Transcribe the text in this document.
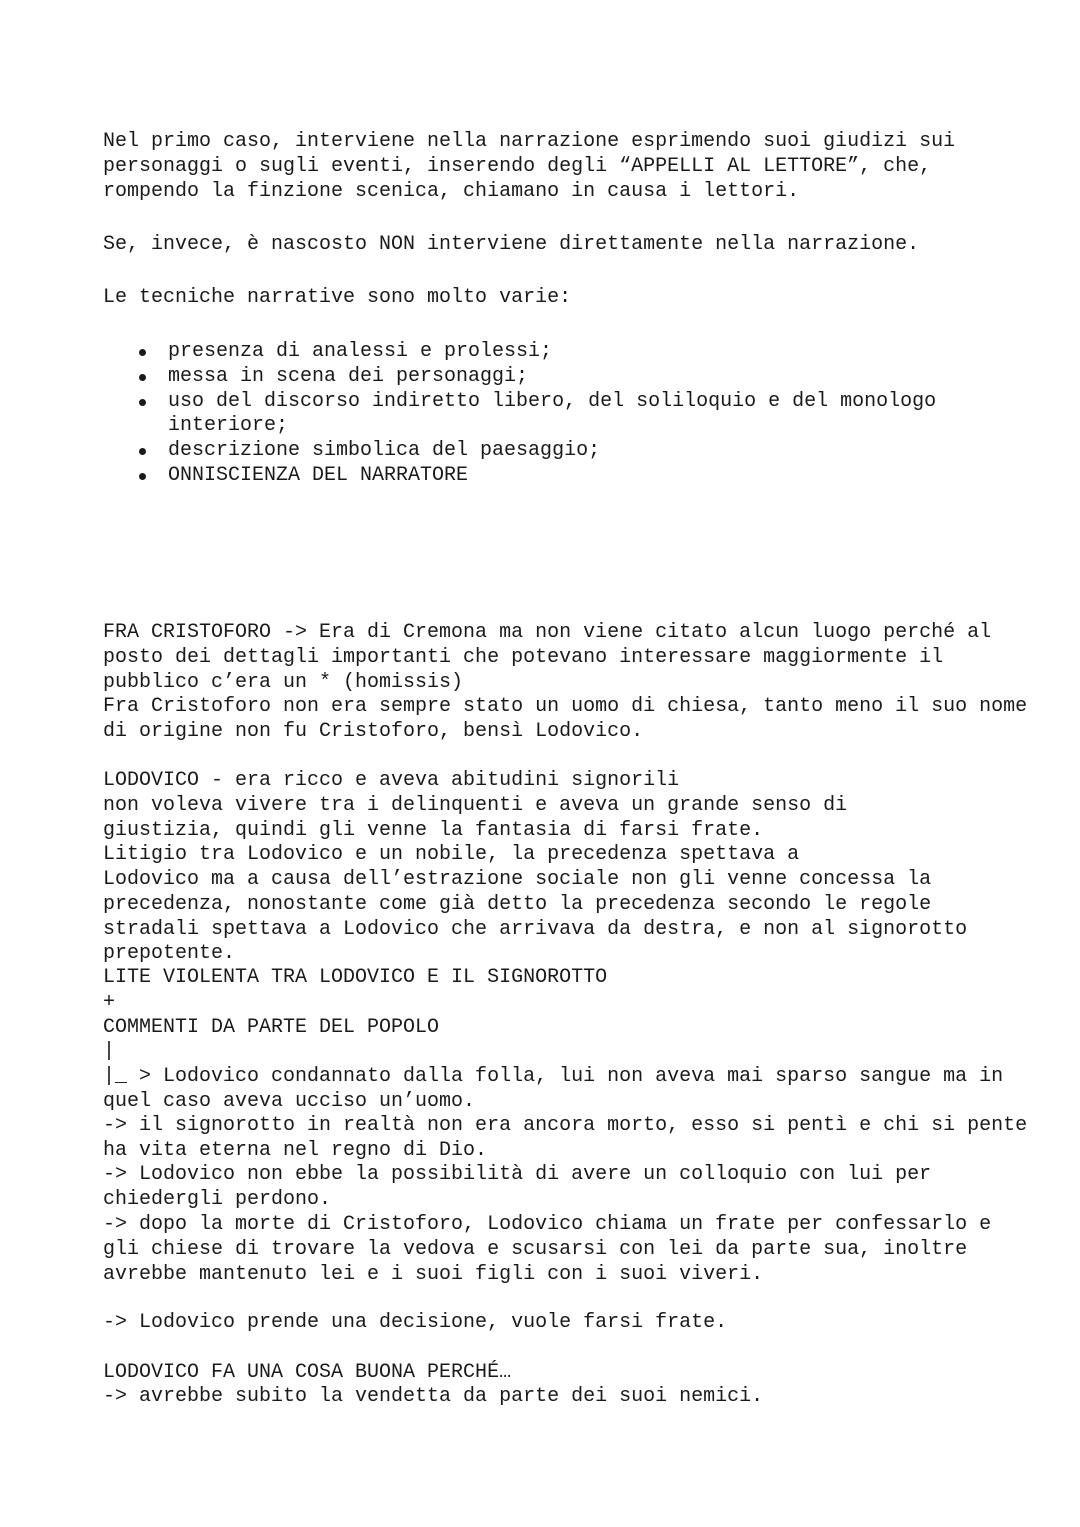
Nel primo caso, interviene nella narrazione esprimendo suoi giudizi sui personaggi o sugli eventi, inserendo degli “APPELLI AL LETTORE”, che, rompendo la finzione scenica, chiamano in causa i lettori.

Se, invece, è nascosto NON interviene direttamente nella narrazione.

Le tecniche narrative sono molto varie:

presenza di analessi e prolessi;
messa in scena dei personaggi;
uso del discorso indiretto libero, del soliloquio e del monologo interiore;
descrizione simbolica del paesaggio;
ONNISCIENZA DEL NARRATORE

FRA CRISTOFORO -> Era di Cremona ma non viene citato alcun luogo perché al posto dei dettagli importanti che potevano interessare maggiormente il pubblico c’era un * (homissis)

Fra Cristoforo non era sempre stato un uomo di chiesa, tanto meno il suo nome di origine non fu Cristoforo, bensì Lodovico.

LODOVICO - era ricco e aveva abitudini signorili

non voleva vivere tra i delinquenti e aveva un grande senso di

giustizia, quindi gli venne la fantasia di farsi frate.

Litigio tra Lodovico e un nobile, la precedenza spettava a

Lodovico ma a causa dell’estrazione sociale non gli venne concessa la precedenza, nonostante come già detto la precedenza secondo le regole stradali spettava a Lodovico che arrivava da destra, e non al signorotto prepotente.

LITE VIOLENTA TRA LODOVICO E IL SIGNOROTTO

+

COMMENTI DA PARTE DEL POPOLO

|

|_ > Lodovico condannato dalla folla, lui non aveva mai sparso sangue ma in quel caso aveva ucciso un’uomo.

-> il signorotto in realtà non era ancora morto, esso si pentì e chi si pente ha vita eterna nel regno di Dio.

-> Lodovico non ebbe la possibilità di avere un colloquio con lui per chiedergli perdono.

-> dopo la morte di Cristoforo, Lodovico chiama un frate per confessarlo e gli chiese di trovare la vedova e scusarsi con lei da parte sua, inoltre avrebbe mantenuto lei e i suoi figli con i suoi viveri.

-> Lodovico prende una decisione, vuole farsi frate.

LODOVICO FA UNA COSA BUONA PERCHÉ…

-> avrebbe subito la vendetta da parte dei suoi nemici.
